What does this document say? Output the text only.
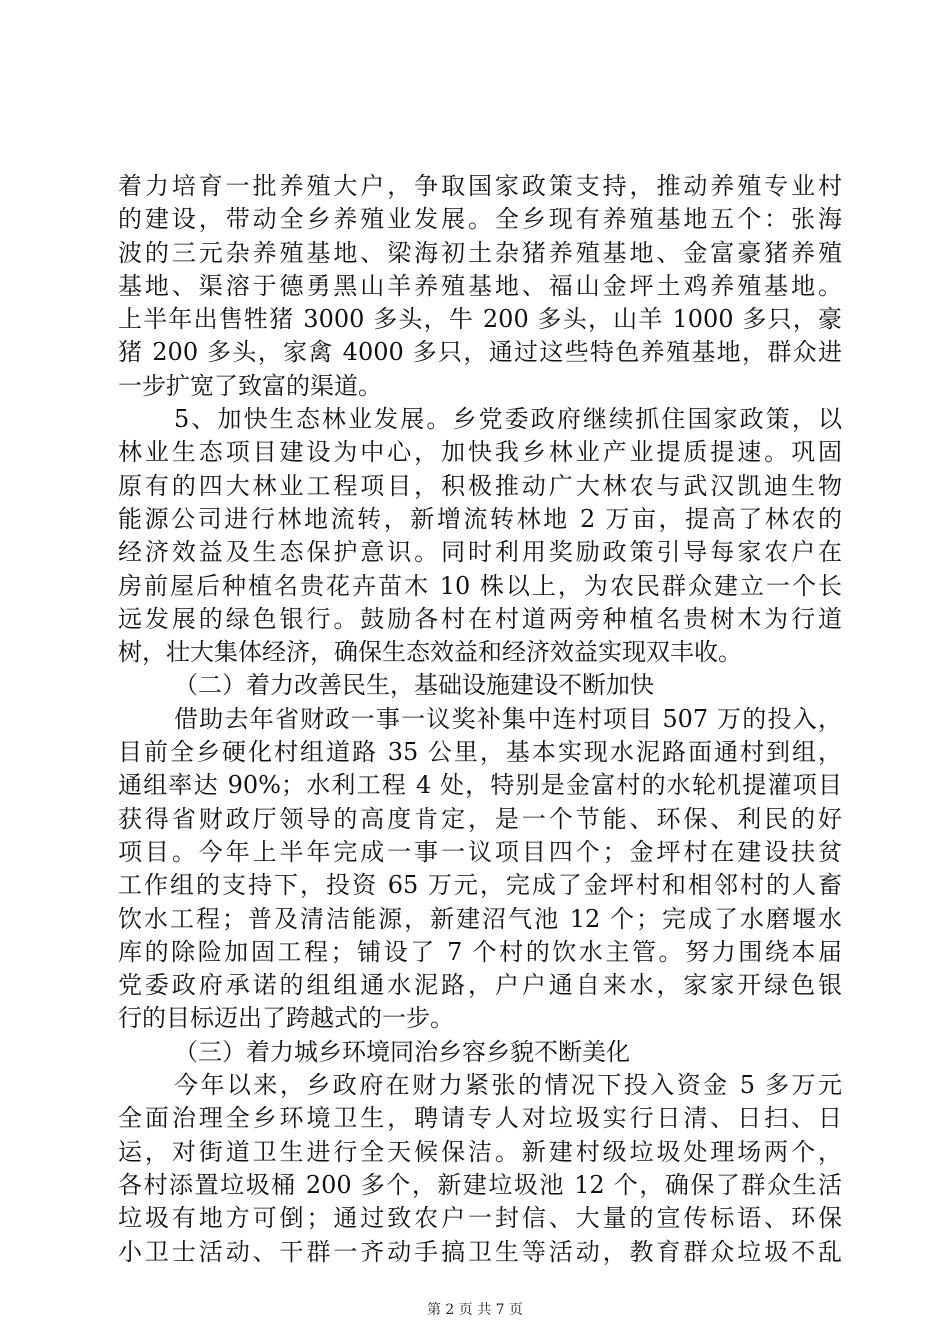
着力培育一批养殖大户，争取国家政策支持，推动养殖专业村
的建设，带动全乡养殖业发展。全乡现有养殖基地五个：张海
波的三元杂养殖基地、梁海初土杂猪养殖基地、金富豪猪养殖
基地、渠溶于德勇黑山羊养殖基地、福山金坪土鸡养殖基地。
上半年出售牲猪 3000 多头，牛 200 多头，山羊 1000 多只，豪
猪 200 多头，家禽 4000 多只，通过这些特色养殖基地，群众进
一步扩宽了致富的渠道。
5、加快生态林业发展。乡党委政府继续抓住国家政策，以
林业生态项目建设为中心，加快我乡林业产业提质提速。巩固
原有的四大林业工程项目，积极推动广大林农与武汉凯迪生物
能源公司进行林地流转，新增流转林地 2 万亩，提高了林农的
经济效益及生态保护意识。同时利用奖励政策引导每家农户在
房前屋后种植名贵花卉苗木 10 株以上，为农民群众建立一个长
远发展的绿色银行。鼓励各村在村道两旁种植名贵树木为行道
树，壮大集体经济，确保生态效益和经济效益实现双丰收。
（二）着力改善民生，基础设施建设不断加快
借助去年省财政一事一议奖补集中连村项目 507 万的投入，
目前全乡硬化村组道路 35 公里，基本实现水泥路面通村到组，
通组率达 90%；水利工程 4 处，特别是金富村的水轮机提灌项目
获得省财政厅领导的高度肯定，是一个节能、环保、利民的好
项目。今年上半年完成一事一议项目四个；金坪村在建设扶贫
工作组的支持下，投资 65 万元，完成了金坪村和相邻村的人畜
饮水工程；普及清洁能源，新建沼气池 12 个；完成了水磨堰水
库的除险加固工程；铺设了 7 个村的饮水主管。努力围绕本届
党委政府承诺的组组通水泥路，户户通自来水，家家开绿色银
行的目标迈出了跨越式的一步。
（三）着力城乡环境同治乡容乡貌不断美化
今年以来，乡政府在财力紧张的情况下投入资金 5 多万元
全面治理全乡环境卫生，聘请专人对垃圾实行日清、日扫、日
运，对街道卫生进行全天候保洁。新建村级垃圾处理场两个，
各村添置垃圾桶 200 多个，新建垃圾池 12 个，确保了群众生活
垃圾有地方可倒；通过致农户一封信、大量的宣传标语、环保
小卫士活动、干群一齐动手搞卫生等活动，教育群众垃圾不乱
第 2 页 共 7 页
